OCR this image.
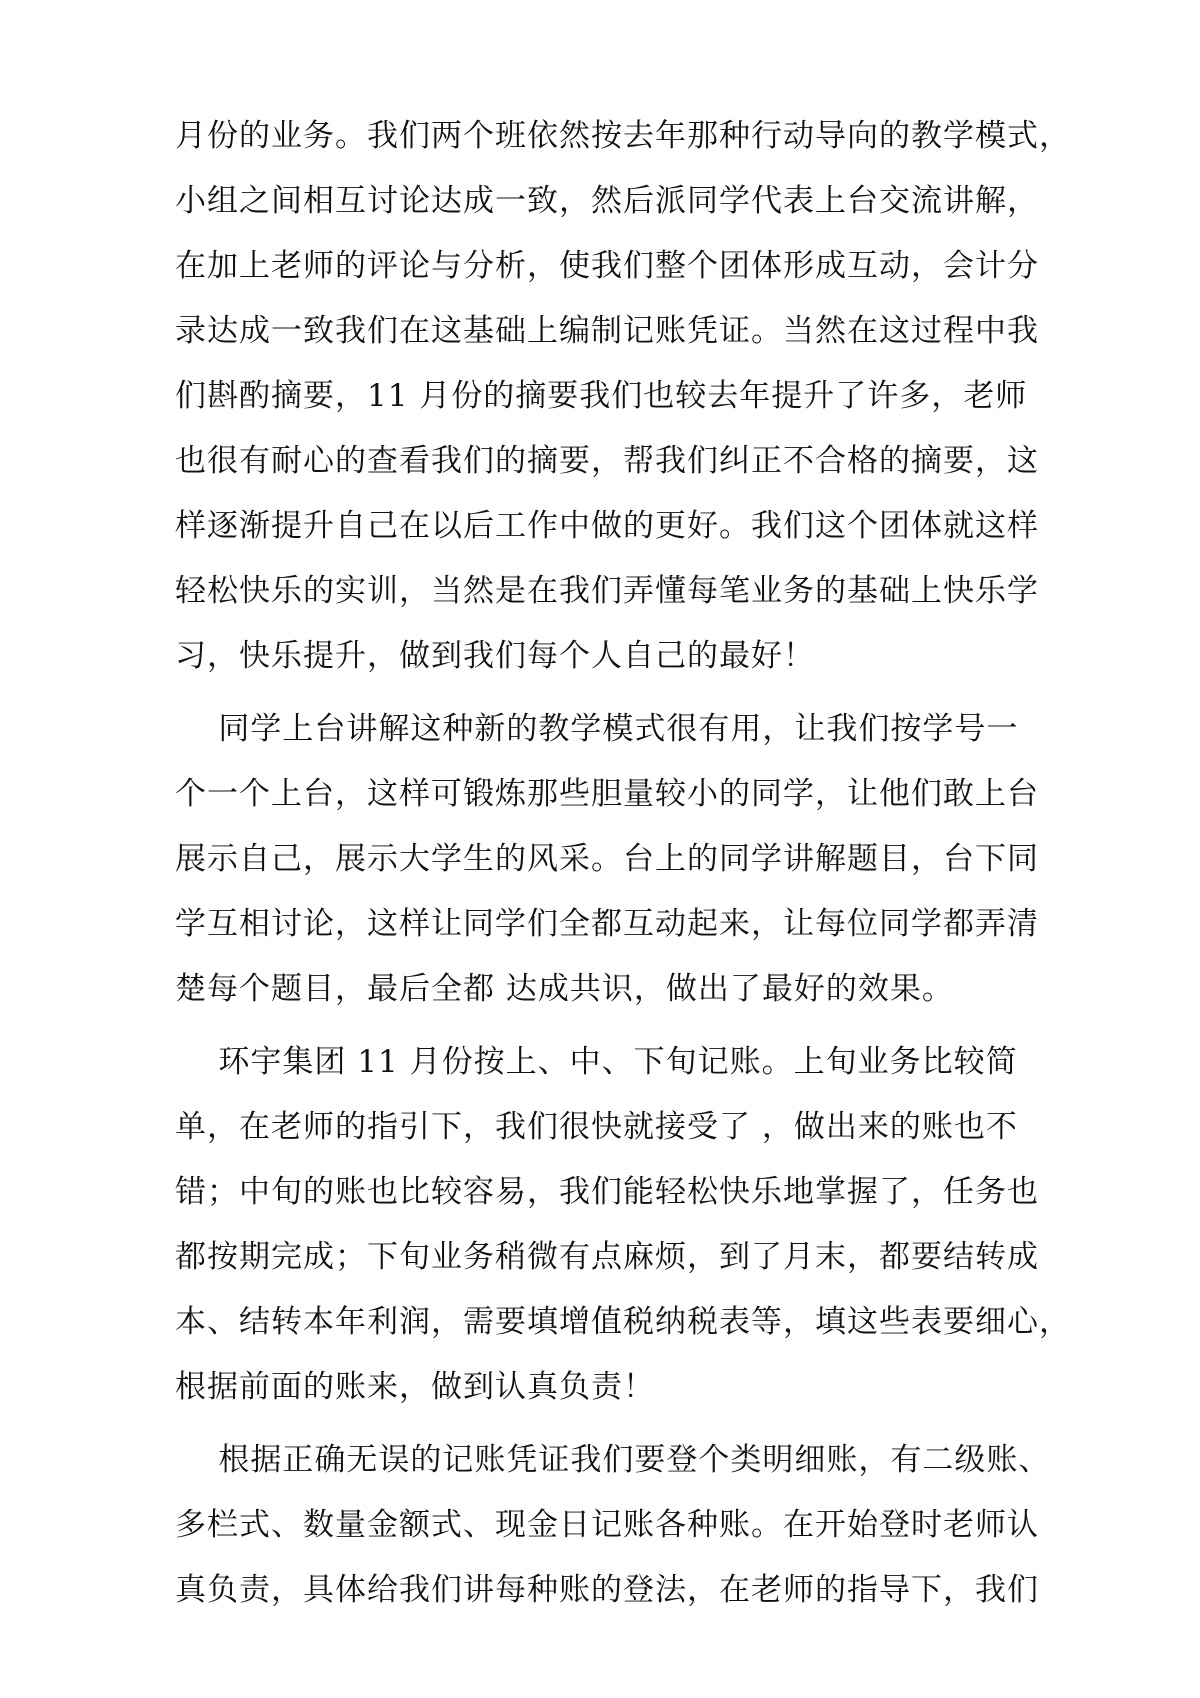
月份的业务。我们两个班依然按去年那种行动导向的教学模式，
小组之间相互讨论达成一致，然后派同学代表上台交流讲解，
在加上老师的评论与分析，使我们整个团体形成互动，会计分
录达成一致我们在这基础上编制记账凭证。当然在这过程中我
们斟酌摘要，11 月份的摘要我们也较去年提升了许多，老师
也很有耐心的查看我们的摘要，帮我们纠正不合格的摘要，这
样逐渐提升自己在以后工作中做的更好。我们这个团体就这样
轻松快乐的实训，当然是在我们弄懂每笔业务的基础上快乐学
习，快乐提升，做到我们每个人自己的最好！
同学上台讲解这种新的教学模式很有用，让我们按学号一
个一个上台，这样可锻炼那些胆量较小的同学，让他们敢上台
展示自己，展示大学生的风采。台上的同学讲解题目，台下同
学互相讨论，这样让同学们全都互动起来，让每位同学都弄清
楚每个题目，最后全都 达成共识，做出了最好的效果。
环宇集团 11 月份按上、中、下旬记账。上旬业务比较简
单，在老师的指引下，我们很快就接受了 ，做出来的账也不
错；中旬的账也比较容易，我们能轻松快乐地掌握了，任务也
都按期完成；下旬业务稍微有点麻烦，到了月末，都要结转成
本、结转本年利润，需要填增值税纳税表等，填这些表要细心，
根据前面的账来，做到认真负责！
根据正确无误的记账凭证我们要登个类明细账，有二级账、
多栏式、数量金额式、现金日记账各种账。在开始登时老师认
真负责，具体给我们讲每种账的登法，在老师的指导下，我们
